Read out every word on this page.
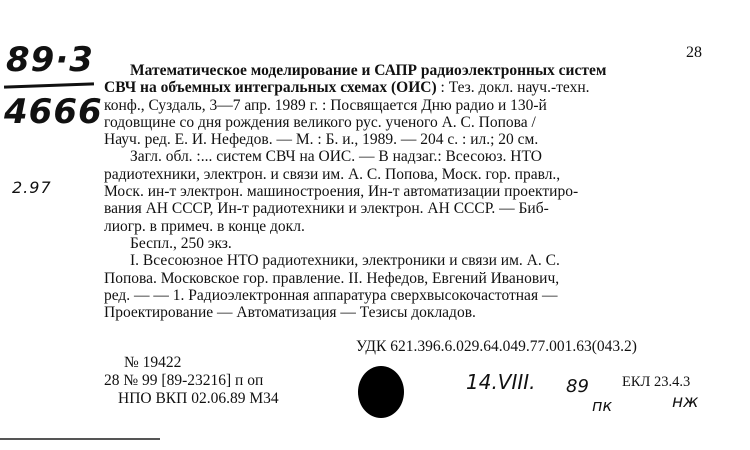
89·3
4666
2.97
28
Математическое моделирование и САПР радиоэлектронных систем
СВЧ на объемных интегральных схемах (ОИС) : Тез. докл. науч.-техн.
конф., Суздаль, 3—7 апр. 1989 г. : Посвящается Дню радио и 130-й
годовщине со дня рождения великого рус. ученого А. С. Попова /
Науч. ред. Е. И. Нефедов. — М. : Б. и., 1989. — 204 с. : ил.; 20 см.
Загл. обл. :... систем СВЧ на ОИС. — В надзаг.: Всесоюз. НТО
радиотехники, электрон. и связи им. А. С. Попова, Моск. гор. правл.,
Моск. ин-т электрон. машиностроения, Ин-т автоматизации проектиро-
вания АН СССР, Ин-т радиотехники и электрон. АН СССР. — Биб-
лиогр. в примеч. в конце докл.
Беспл., 250 экз.
I. Всесоюзное НТО радиотехники, электроники и связи им. А. С.
Попова. Московское гор. правление. II. Нефедов, Евгений Иванович,
ред. — — 1. Радиоэлектронная аппаратура сверхвысокочастотная —
Проектирование — Автоматизация — Тезисы докладов.
УДК 621.396.6.029.64.049.77.001.63(043.2)
№ 19422
28 № 99 [89-23216] п оп
НПО ВКП 02.06.89 М34
14.VIII. 89 ЕКЛ 23.4.3
нж
пк
